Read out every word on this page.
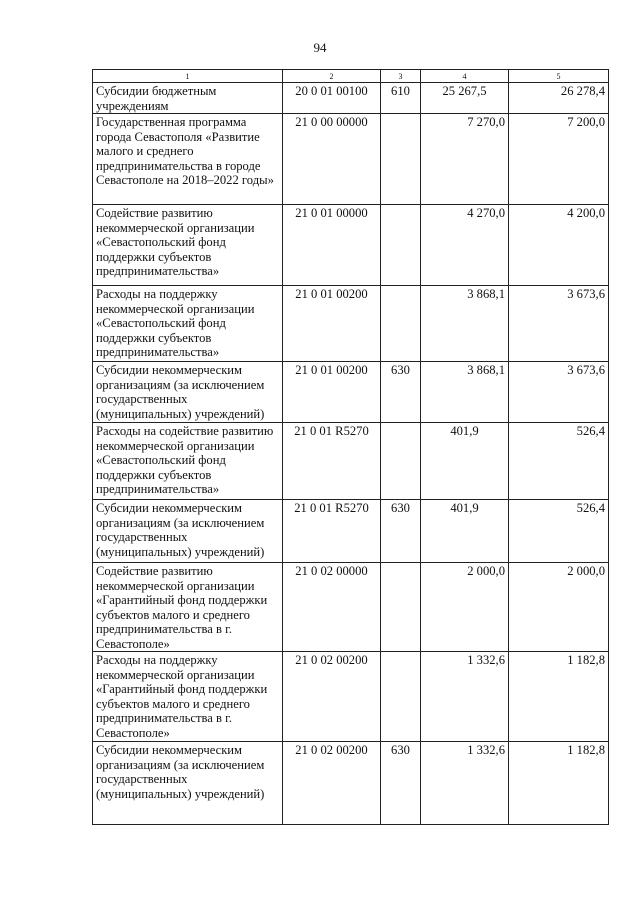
94
1	2	3	4	5
Субсидии бюджетным учреждениям	20 0 01 00100	610	25 267,5	26 278,4
Государственная программа города Севастополя «Развитие малого и среднего предпринимательства в городе Севастополе на 2018–2022 годы»	21 0 00 00000		7 270,0	7 200,0
Содействие развитию некоммерческой организации «Севастопольский фонд поддержки субъектов предпринимательства»	21 0 01 00000		4 270,0	4 200,0
Расходы на поддержку некоммерческой организации «Севастопольский фонд поддержки субъектов предпринимательства»	21 0 01 00200		3 868,1	3 673,6
Субсидии некоммерческим организациям (за исключением государственных (муниципальных) учреждений)	21 0 01 00200	630	3 868,1	3 673,6
Расходы на содействие развитию некоммерческой организации «Севастопольский фонд поддержки субъектов предпринимательства»	21 0 01 R5270		401,9	526,4
Субсидии некоммерческим организациям (за исключением государственных (муниципальных) учреждений)	21 0 01 R5270	630	401,9	526,4
Содействие развитию некоммерческой организации «Гарантийный фонд поддержки субъектов малого и среднего предпринимательства в г. Севастополе»	21 0 02 00000		2 000,0	2 000,0
Расходы на поддержку некоммерческой организации «Гарантийный фонд поддержки субъектов малого и среднего предпринимательства в г. Севастополе»	21 0 02 00200		1 332,6	1 182,8
Субсидии некоммерческим организациям (за исключением государственных (муниципальных) учреждений)	21 0 02 00200	630	1 332,6	1 182,8
